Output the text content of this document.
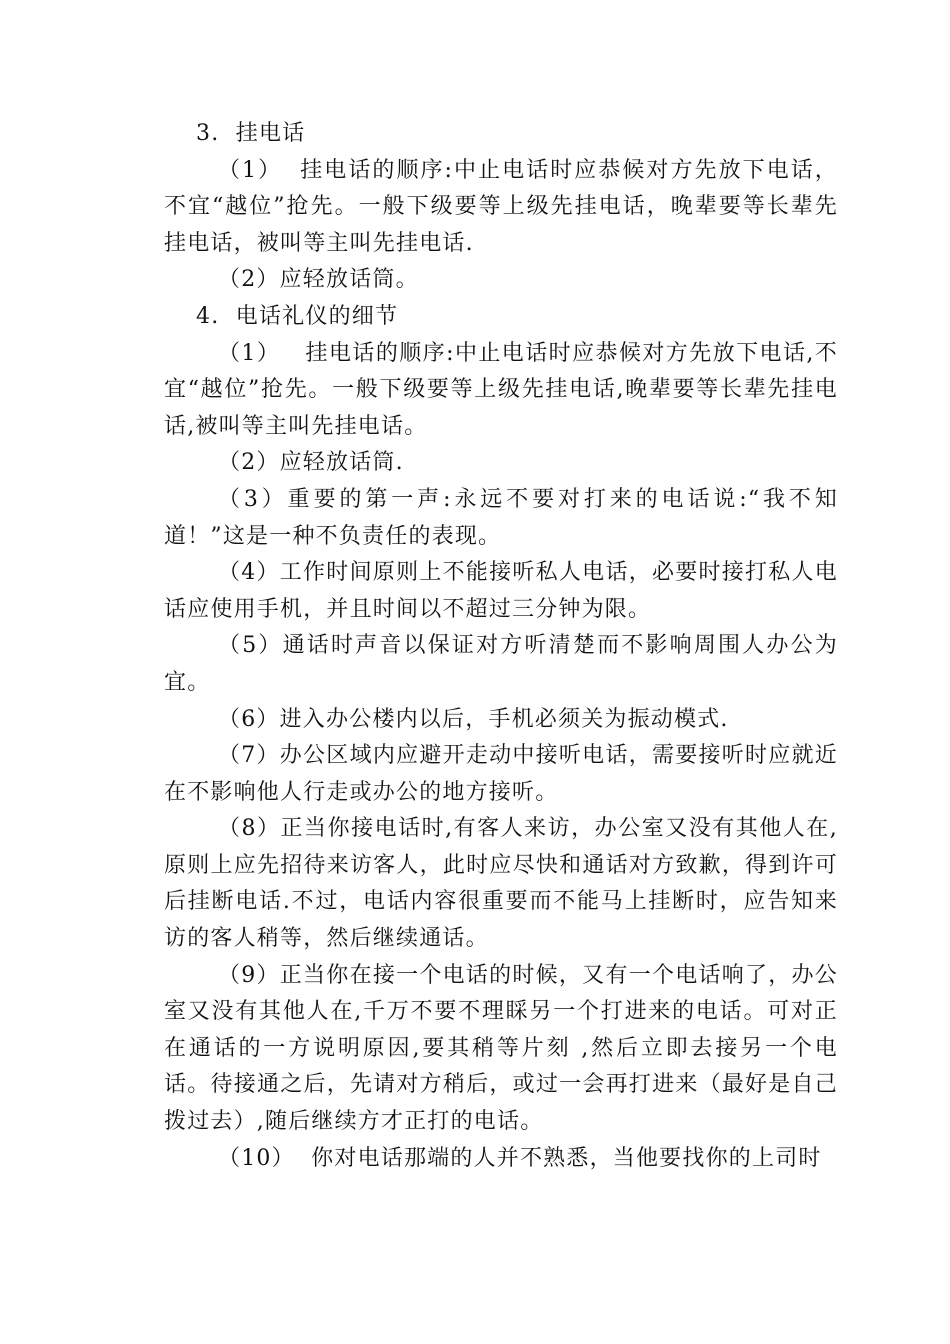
3.  挂电话

（1）  挂电话的顺序:中止电话时应恭候对方先放下电话，不宜“越位”抢先。一般下级要等上级先挂电话，晚辈要等长辈先挂电话，被叫等主叫先挂电话.

（2）应轻放话筒。

4.  电话礼仪的细节

（1）   挂电话的顺序:中止电话时应恭候对方先放下电话,不宜“越位”抢先。一般下级要等上级先挂电话,晚辈要等长辈先挂电话,被叫等主叫先挂电话。

（2）应轻放话筒.

（3）重要的第一声:永远不要对打来的电话说:“我不知道！”这是一种不负责任的表现。

（4）工作时间原则上不能接听私人电话，必要时接打私人电话应使用手机，并且时间以不超过三分钟为限。

（5）通话时声音以保证对方听清楚而不影响周围人办公为宜。

（6）进入办公楼内以后，手机必须关为振动模式.

（7）办公区域内应避开走动中接听电话，需要接听时应就近在不影响他人行走或办公的地方接听。

（8）正当你接电话时,有客人来访，办公室又没有其他人在,原则上应先招待来访客人，此时应尽快和通话对方致歉，得到许可后挂断电话.不过，电话内容很重要而不能马上挂断时，应告知来访的客人稍等，然后继续通话。

（9）正当你在接一个电话的时候，又有一个电话响了，办公室又没有其他人在,千万不要不理睬另一个打进来的电话。可对正在通话的一方说明原因,要其稍等片刻 ,然后立即去接另一个电话。待接通之后，先请对方稍后，或过一会再打进来（最好是自己拨过去）,随后继续方才正打的电话。

（10）  你对电话那端的人并不熟悉，当他要找你的上司时
